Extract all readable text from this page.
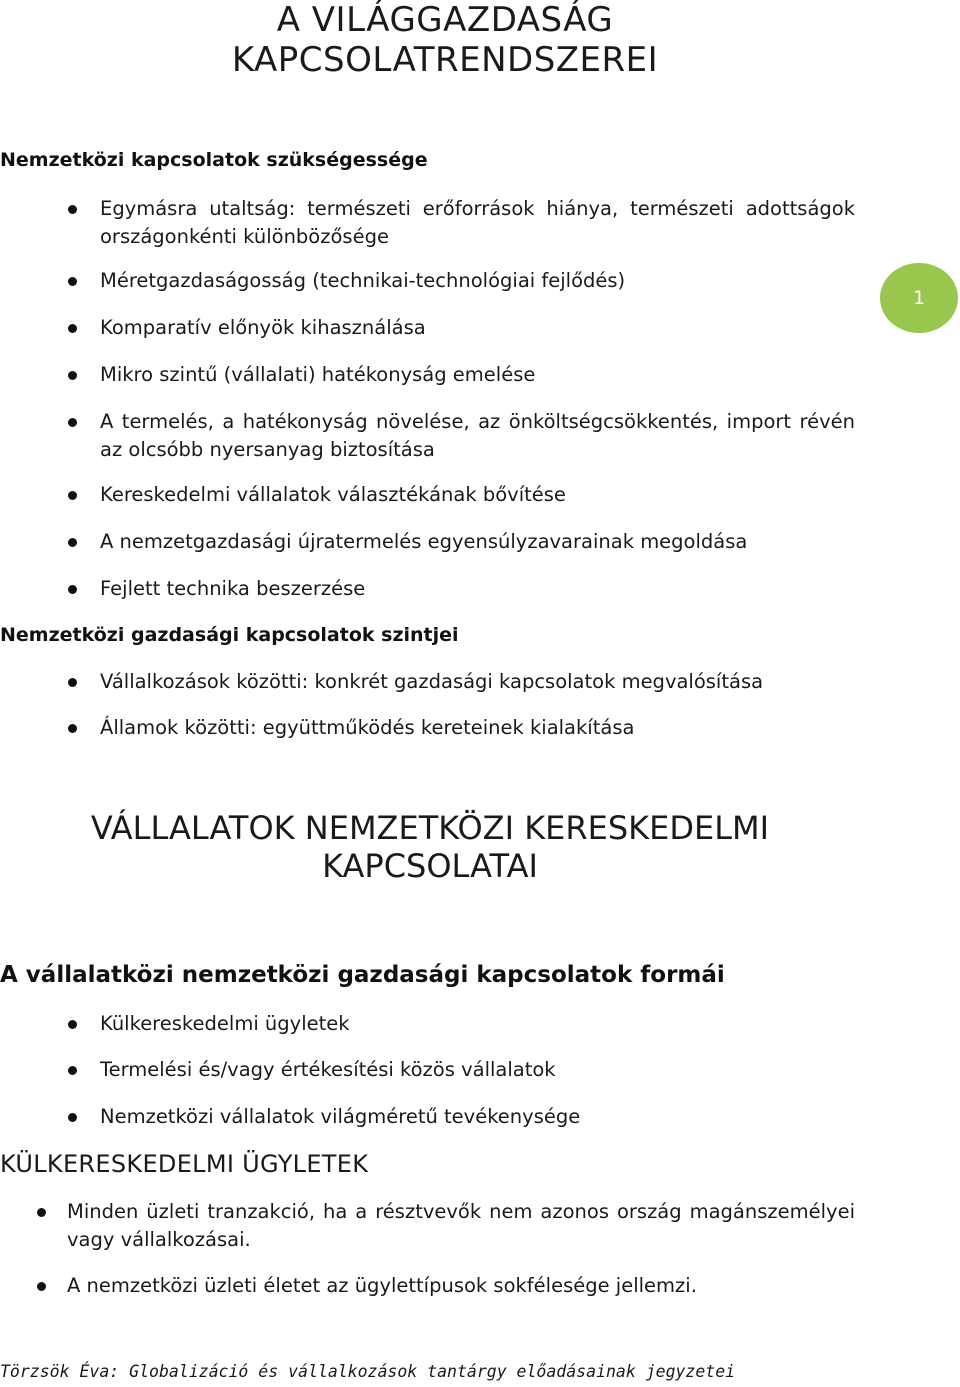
A VILÁGGAZDASÁG
KAPCSOLATRENDSZEREI
1
Nemzetközi kapcsolatok szükségessége
Egymásra utaltság: természeti erőforrások hiánya, természeti adottságok országonkénti különbözősége
Méretgazdaságosság (technikai-technológiai fejlődés)
Komparatív előnyök kihasználása
Mikro szintű (vállalati) hatékonyság emelése
A termelés, a hatékonyság növelése, az önköltségcsökkentés, import révén az olcsóbb nyersanyag biztosítása
Kereskedelmi vállalatok választékának bővítése
A nemzetgazdasági újratermelés egyensúlyzavarainak megoldása
Fejlett technika beszerzése
Nemzetközi gazdasági kapcsolatok szintjei
Vállalkozások közötti: konkrét gazdasági kapcsolatok megvalósítása
Államok közötti: együttműködés kereteinek kialakítása
VÁLLALATOK NEMZETKÖZI KERESKEDELMI
KAPCSOLATAI
A vállalatközi nemzetközi gazdasági kapcsolatok formái
Külkereskedelmi ügyletek
Termelési és/vagy értékesítési közös vállalatok
Nemzetközi vállalatok világméretű tevékenysége
KÜLKERESKEDELMI ÜGYLETEK
Minden üzleti tranzakció, ha a résztvevők nem azonos ország magánszemélyei vagy vállalkozásai.
A nemzetközi üzleti életet az ügylettípusok sokfélesége jellemzi.
Törzsök Éva: Globalizáció és vállalkozások tantárgy előadásainak jegyzetei
